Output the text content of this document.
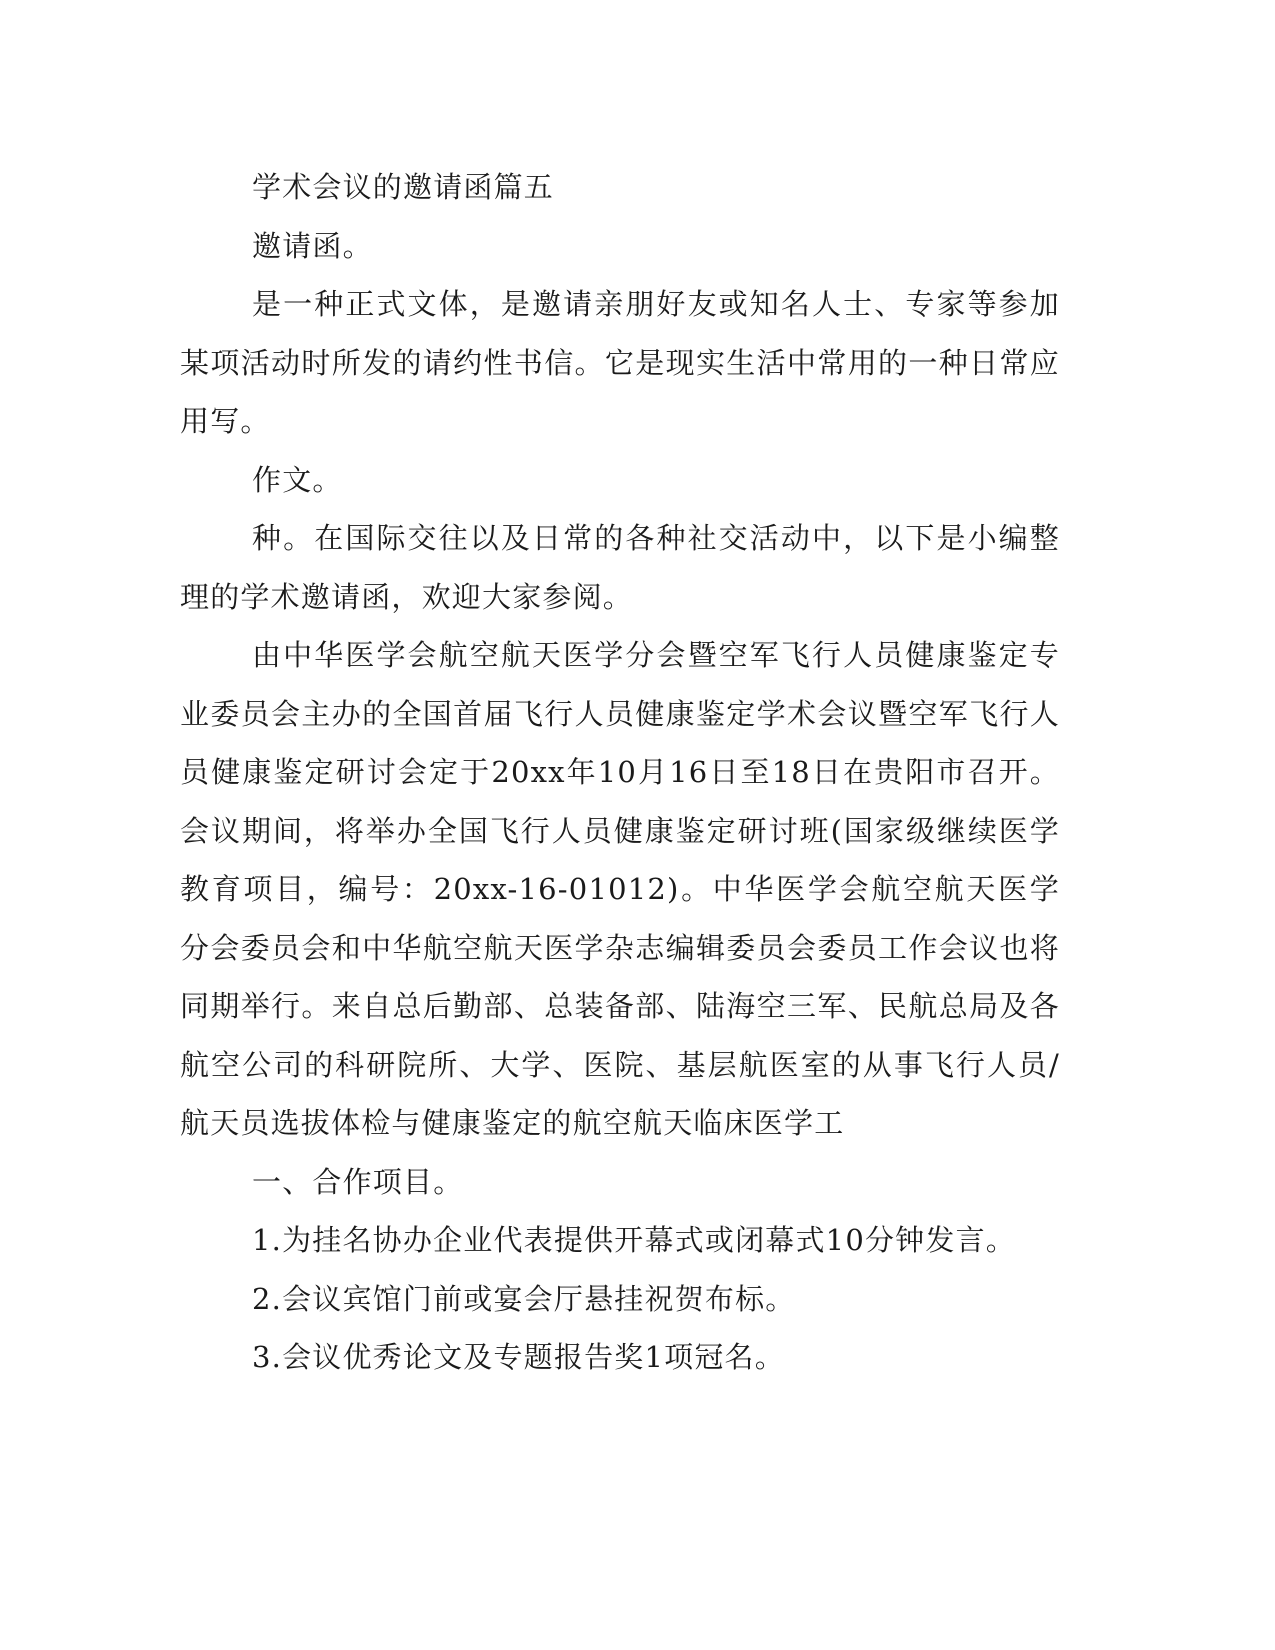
学术会议的邀请函篇五

邀请函。

是一种正式文体，是邀请亲朋好友或知名人士、专家等参加某项活动时所发的请约性书信。它是现实生活中常用的一种日常应用写。

作文。

种。在国际交往以及日常的各种社交活动中，以下是小编整理的学术邀请函，欢迎大家参阅。

由中华医学会航空航天医学分会暨空军飞行人员健康鉴定专业委员会主办的全国首届飞行人员健康鉴定学术会议暨空军飞行人员健康鉴定研讨会定于20xx年10月16日至18日在贵阳市召开。会议期间，将举办全国飞行人员健康鉴定研讨班(国家级继续医学教育项目，编号：20xx-16-01012)。中华医学会航空航天医学分会委员会和中华航空航天医学杂志编辑委员会委员工作会议也将同期举行。来自总后勤部、总装备部、陆海空三军、民航总局及各航空公司的科研院所、大学、医院、基层航医室的从事飞行人员/航天员选拔体检与健康鉴定的航空航天临床医学工

一、合作项目。

1.为挂名协办企业代表提供开幕式或闭幕式10分钟发言。

2.会议宾馆门前或宴会厅悬挂祝贺布标。

3.会议优秀论文及专题报告奖1项冠名。
